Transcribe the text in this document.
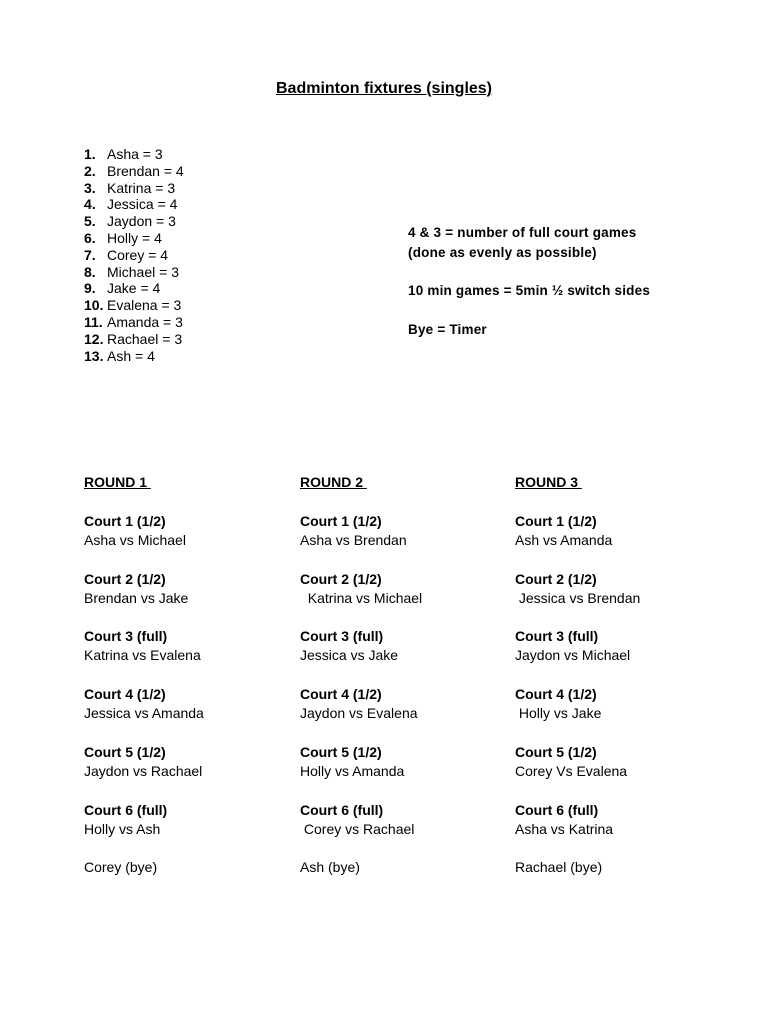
Badminton fixtures (singles)
1. Asha = 3
2. Brendan = 4
3. Katrina = 3
4. Jessica = 4
5. Jaydon = 3
6. Holly = 4
7. Corey = 4
8. Michael = 3
9. Jake = 4
10. Evalena = 3
11. Amanda = 3
12. Rachael = 3
13. Ash = 4
4 & 3 = number of full court games
(done as evenly as possible)
10 min games = 5min ½ switch sides
Bye = Timer
ROUND 1
Court 1 (1/2)
Asha vs Michael
Court 2 (1/2)
Brendan vs Jake
Court 3 (full)
Katrina vs Evalena
Court 4 (1/2)
Jessica vs Amanda
Court 5 (1/2)
Jaydon vs Rachael
Court 6 (full)
Holly vs Ash
Corey (bye)
ROUND 2
Court 1 (1/2)
Asha vs Brendan
Court 2 (1/2)
Katrina vs Michael
Court 3 (full)
Jessica vs Jake
Court 4 (1/2)
Jaydon vs Evalena
Court 5 (1/2)
Holly vs Amanda
Court 6 (full)
Corey vs Rachael
Ash (bye)
ROUND 3
Court 1 (1/2)
Ash vs Amanda
Court 2 (1/2)
Jessica vs Brendan
Court 3 (full)
Jaydon vs Michael
Court 4 (1/2)
Holly vs Jake
Court 5 (1/2)
Corey Vs Evalena
Court 6 (full)
Asha vs Katrina
Rachael (bye)
